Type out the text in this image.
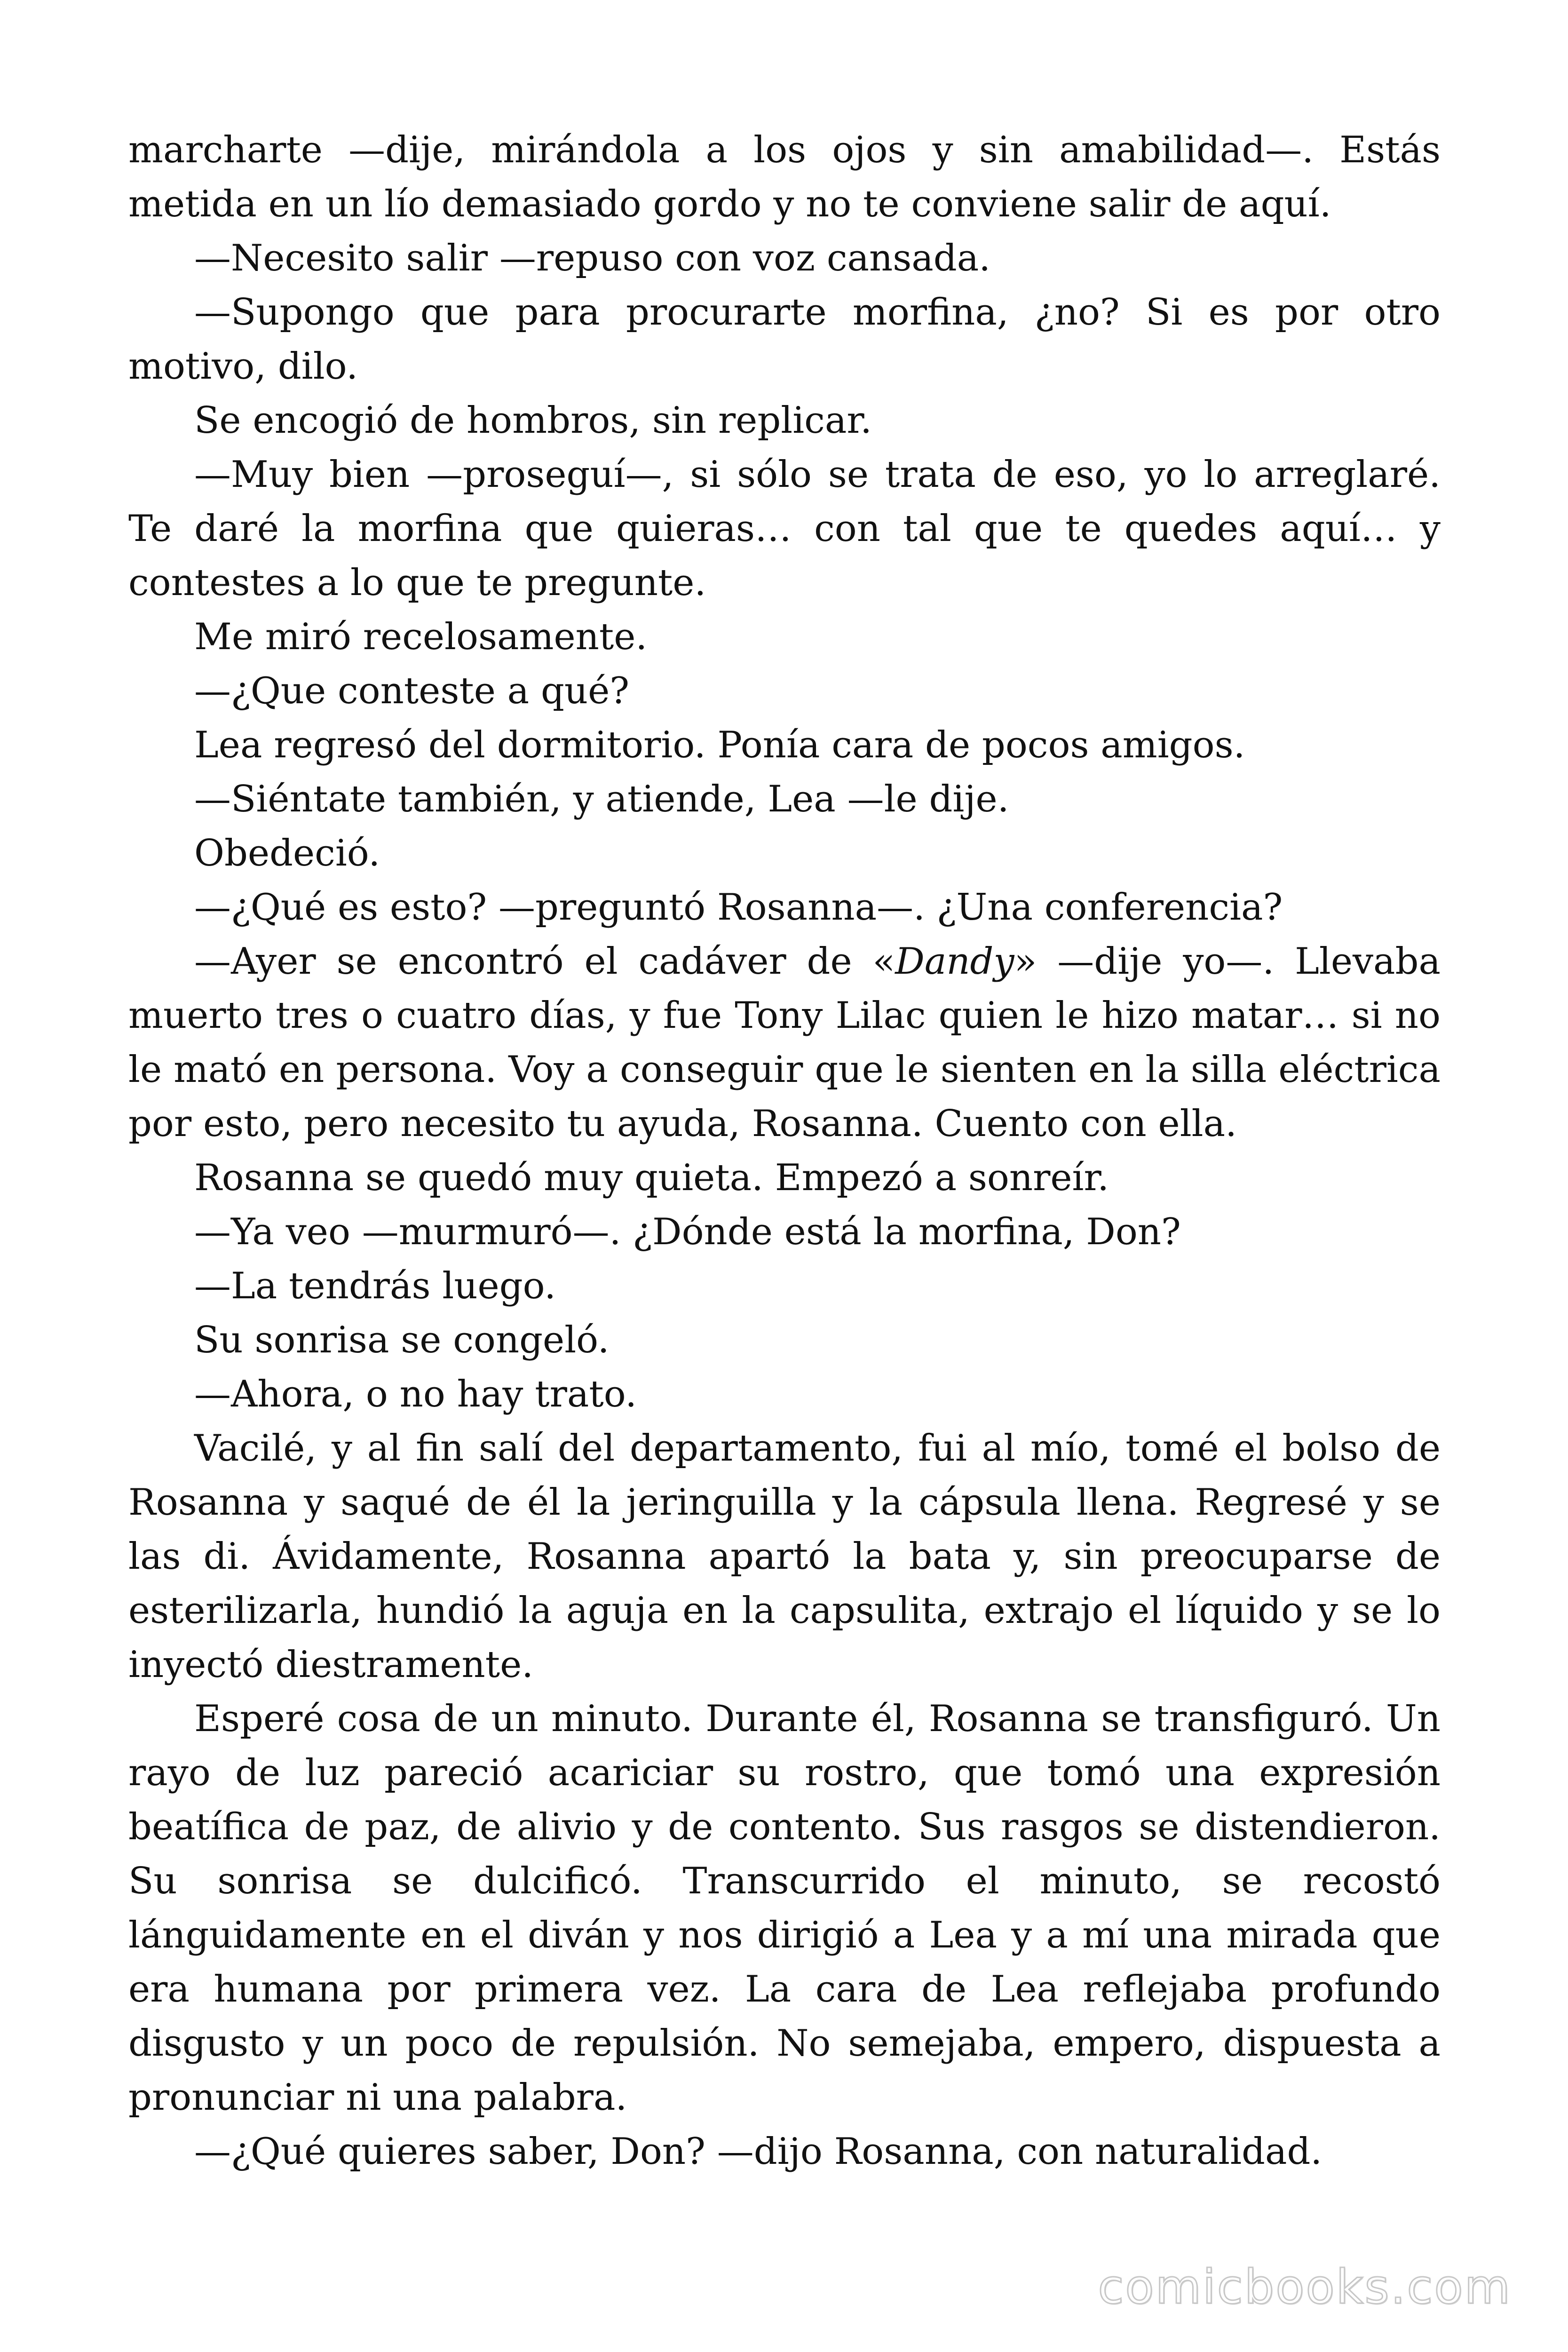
marcharte —dije, mirándola a los ojos y sin amabilidad—. Estás metida en un lío demasiado gordo y no te conviene salir de aquí.

—Necesito salir —repuso con voz cansada.

—Supongo que para procurarte morfina, ¿no? Si es por otro motivo, dilo.

Se encogió de hombros, sin replicar.

—Muy bien —proseguí—, si sólo se trata de eso, yo lo arreglaré. Te daré la morfina que quieras… con tal que te quedes aquí… y contestes a lo que te pregunte.

Me miró recelosamente.

—¿Que conteste a qué?

Lea regresó del dormitorio. Ponía cara de pocos amigos.

—Siéntate también, y atiende, Lea —le dije.

Obedeció.

—¿Qué es esto? —preguntó Rosanna—. ¿Una conferencia?

—Ayer se encontró el cadáver de «Dandy» —dije yo—. Llevaba muerto tres o cuatro días, y fue Tony Lilac quien le hizo matar… si no le mató en persona. Voy a conseguir que le sienten en la silla eléctrica por esto, pero necesito tu ayuda, Rosanna. Cuento con ella.

Rosanna se quedó muy quieta. Empezó a sonreír.

—Ya veo —murmuró—. ¿Dónde está la morfina, Don?

—La tendrás luego.

Su sonrisa se congeló.

—Ahora, o no hay trato.

Vacilé, y al fin salí del departamento, fui al mío, tomé el bolso de Rosanna y saqué de él la jeringuilla y la cápsula llena. Regresé y se las di. Ávidamente, Rosanna apartó la bata y, sin preocuparse de esterilizarla, hundió la aguja en la capsulita, extrajo el líquido y se lo inyectó diestramente.

Esperé cosa de un minuto. Durante él, Rosanna se transfiguró. Un rayo de luz pareció acariciar su rostro, que tomó una expresión beatífica de paz, de alivio y de contento. Sus rasgos se distendieron. Su sonrisa se dulcificó. Transcurrido el minuto, se recostó lánguidamente en el diván y nos dirigió a Lea y a mí una mirada que era humana por primera vez. La cara de Lea reflejaba profundo disgusto y un poco de repulsión. No semejaba, empero, dispuesta a pronunciar ni una palabra.

—¿Qué quieres saber, Don? —dijo Rosanna, con naturalidad.

comicbooks.com
